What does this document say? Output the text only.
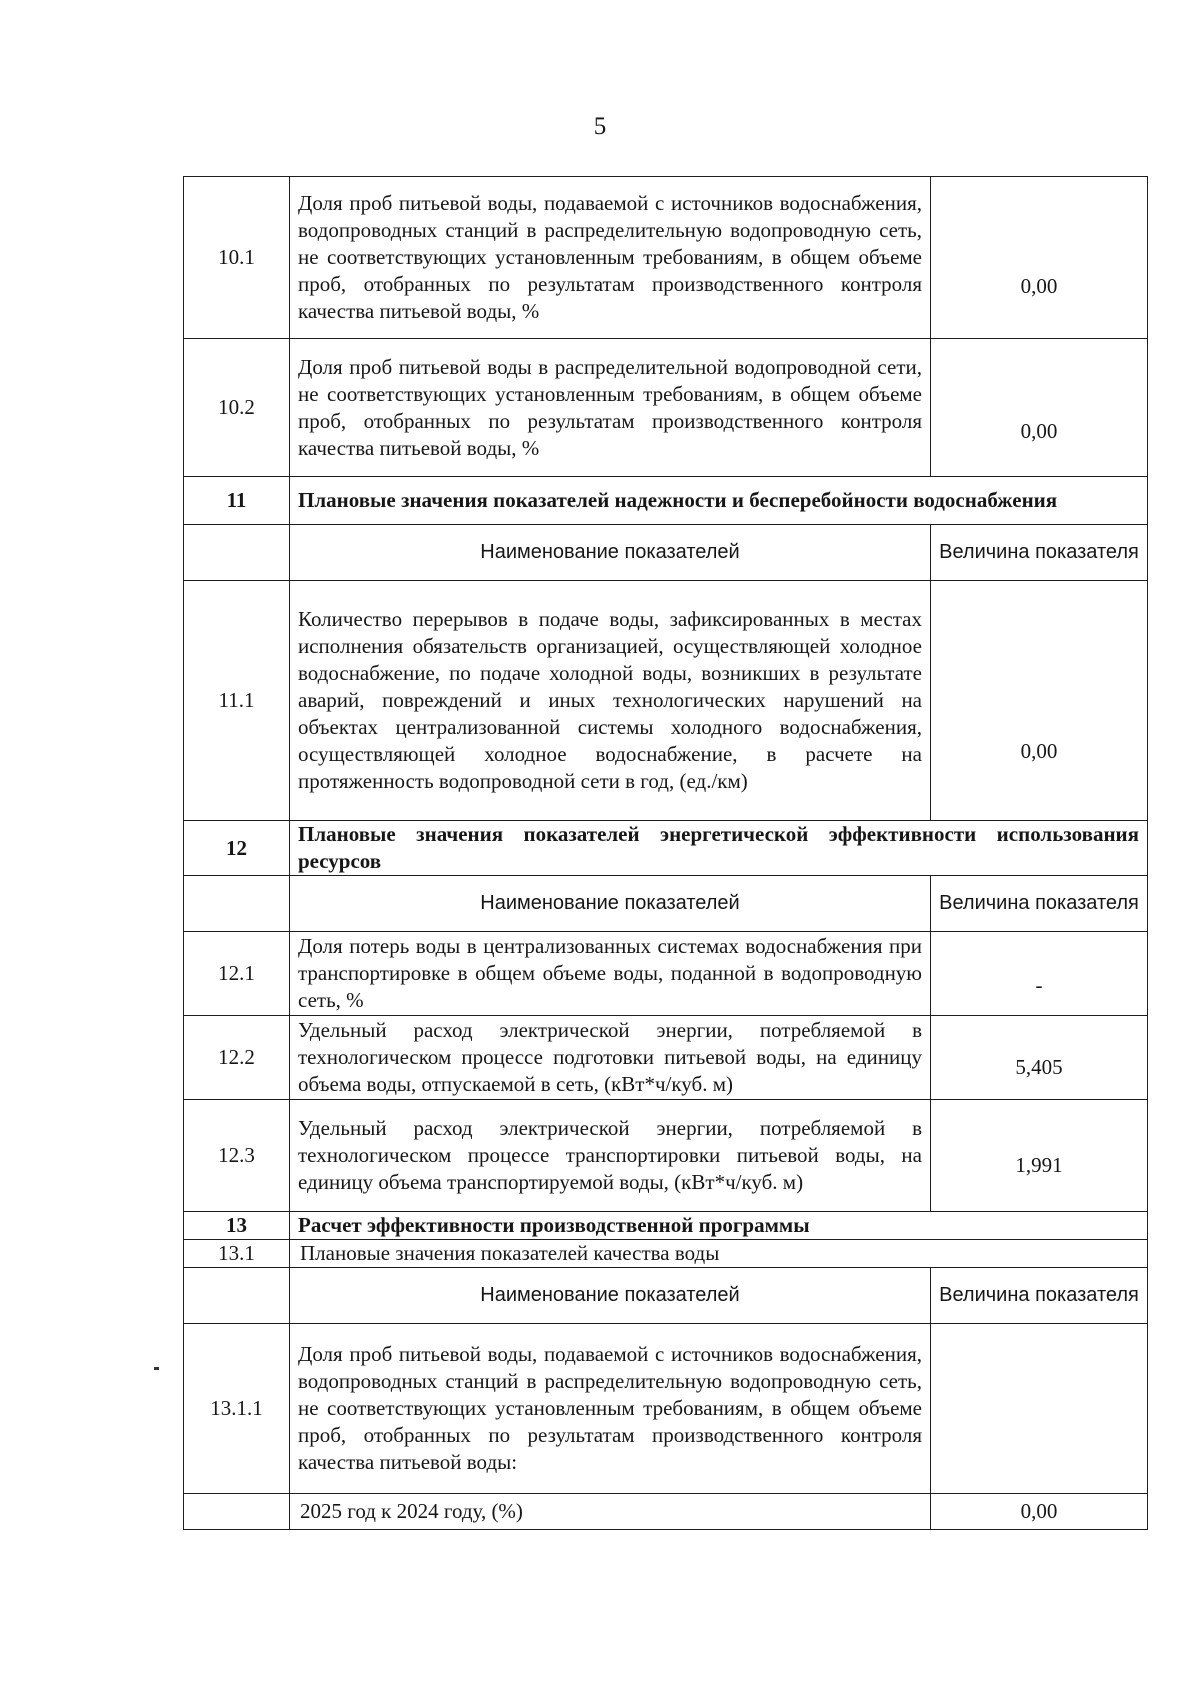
5
10.1	Доля проб питьевой воды, подаваемой с источников водоснабжения, водопроводных станций в распределительную водопроводную сеть, не соответствующих установленным требованиям, в общем объеме проб, отобранных по результатам производственного контроля качества питьевой воды, %	0,00
10.2	Доля проб питьевой воды в распределительной водопроводной сети, не соответствующих установленным требованиям, в общем объеме проб, отобранных по результатам производственного контроля качества питьевой воды, %	0,00
11	Плановые значения показателей надежности и бесперебойности водоснабжения	
	Наименование показателей	Величина показателя
11.1	Количество перерывов в подаче воды, зафиксированных в местах исполнения обязательств организацией, осуществляющей холодное водоснабжение, по подаче холодной воды, возникших в результате аварий, повреждений и иных технологических нарушений на объектах централизованной системы холодного водоснабжения, осуществляющей холодное водоснабжение, в расчете на протяженность водопроводной сети в год, (ед./км)	0,00
12	Плановые значения показателей энергетической эффективности использования ресурсов	
	Наименование показателей	Величина показателя
12.1	Доля потерь воды в централизованных системах водоснабжения при транспортировке в общем объеме воды, поданной в водопроводную сеть, %	-
12.2	Удельный расход электрической энергии, потребляемой в технологическом процессе подготовки питьевой воды, на единицу объема воды, отпускаемой в сеть, (кВт*ч/куб. м)	5,405
12.3	Удельный расход электрической энергии, потребляемой в технологическом процессе транспортировки питьевой воды, на единицу объема транспортируемой воды, (кВт*ч/куб. м)	1,991
13	Расчет эффективности производственной программы	
13.1	Плановые значения показателей качества воды	
	Наименование показателей	Величина показателя
13.1.1	Доля проб питьевой воды, подаваемой с источников водоснабжения, водопроводных станций в распределительную водопроводную сеть, не соответствующих установленным требованиям, в общем объеме проб, отобранных по результатам производственного контроля качества питьевой воды:	
	2025 год к 2024 году, (%)	0,00
